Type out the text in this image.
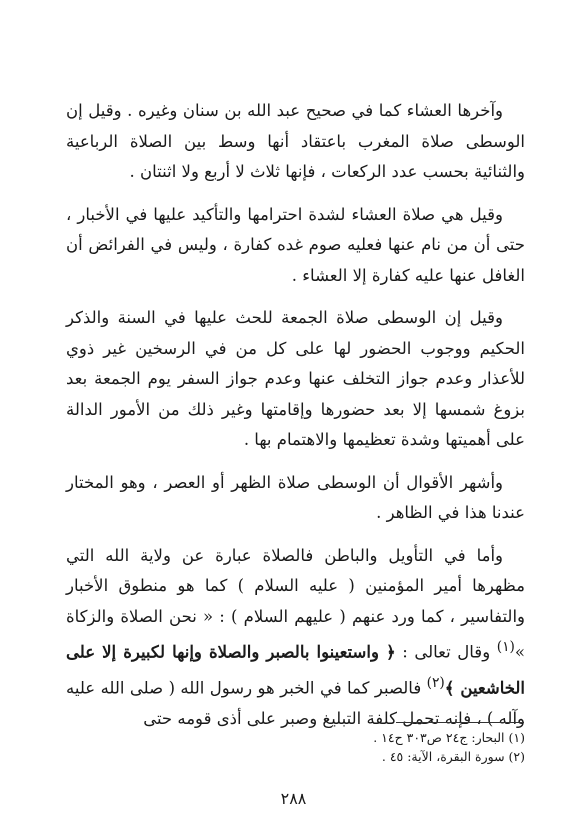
وآخرها العشاء كما في صحيح عبد الله بن سنان وغيره . وقيل إن الوسطى صلاة المغرب باعتقاد أنها وسط بين الصلاة الرباعية والثنائية بحسب عدد الركعات ، فإنها ثلاث لا أربع ولا اثنتان .

وقيل هي صلاة العشاء لشدة احترامها والتأكيد عليها في الأخبار ، حتى أن من نام عنها فعليه صوم غده كفارة ، وليس في الفرائض أن الغافل عنها عليه كفارة إلا العشاء .

وقيل إن الوسطى صلاة الجمعة للحث عليها في السنة والذكر الحكيم ووجوب الحضور لها على كل من في الرسخين غير ذوي للأعذار وعدم جواز التخلف عنها وعدم جواز السفر يوم الجمعة بعد بزوغ شمسها إلا بعد حضورها وإقامتها وغير ذلك من الأمور الدالة على أهميتها وشدة تعظيمها والاهتمام بها .

وأشهر الأقوال أن الوسطى صلاة الظهر أو العصر ، وهو المختار عندنا هذا في الظاهر .

وأما في التأويل والباطن فالصلاة عبارة عن ولاية الله التي مظهرها أمير المؤمنين ( عليه السلام ) كما هو منطوق الأخبار والتفاسير ، كما ورد عنهم ( عليهم السلام ) : « نحن الصلاة والزكاة »$^{(١)}$ وقال تعالى : ﴿ واستعينوا بالصبر والصلاة وإنها لكبيرة إلا على الخاشعين ﴾$^{(٢)}$ فالصبر كما في الخبر هو رسول الله ( صلى الله عليه وآله ) ، فإنه تحمل كلفة التبليغ وصبر على أذى قومه حتى

(١) البحار: ج٢٤ ص٣٠٣ ح١٤ .
(٢) سورة البقرة، الآية: ٤٥ .
٢٨٨
